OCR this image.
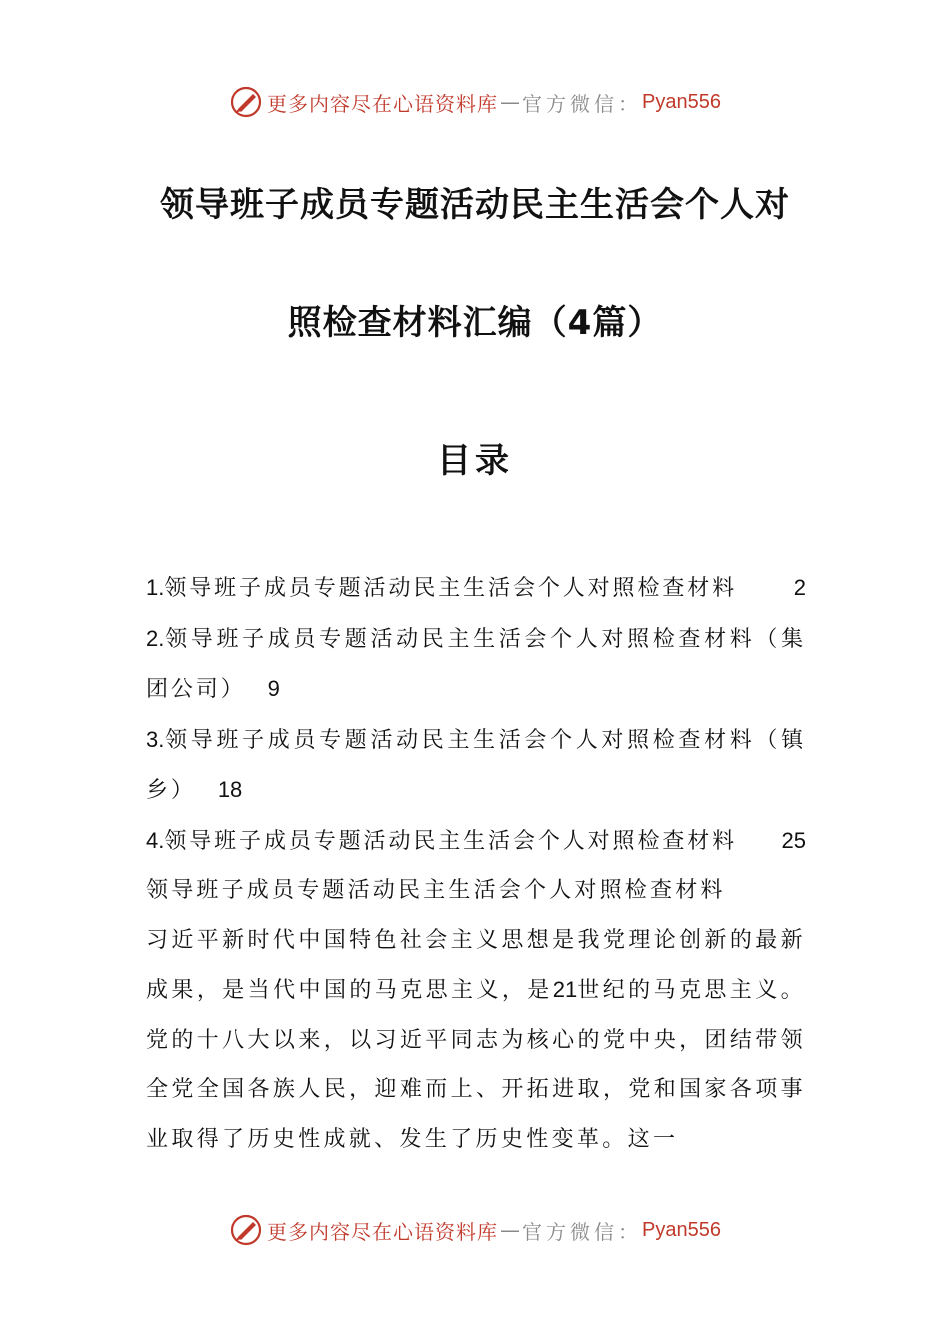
更多内容尽在心语资料库 — 官方微信： Pyan556
领导班子成员专题活动民主生活会个人对
照检查材料汇编（4篇）
目录

1.领导班子成员专题活动民主生活会个人对照检查材料	2

2.领导班子成员专题活动民主生活会个人对照检查材料（集团公司） 9

3.领导班子成员专题活动民主生活会个人对照检查材料（镇乡） 18

4.领导班子成员专题活动民主生活会个人对照检查材料 25

领导班子成员专题活动民主生活会个人对照检查材料

习近平新时代中国特色社会主义思想是我党理论创新的最新成果，是当代中国的马克思主义，是21世纪的马克思主义。党的十八大以来，以习近平同志为核心的党中央，团结带领全党全国各族人民，迎难而上、开拓进取，党和国家各项事业取得了历史性成就、发生了历史性变革。这一

更多内容尽在心语资料库 — 官方微信： Pyan556
